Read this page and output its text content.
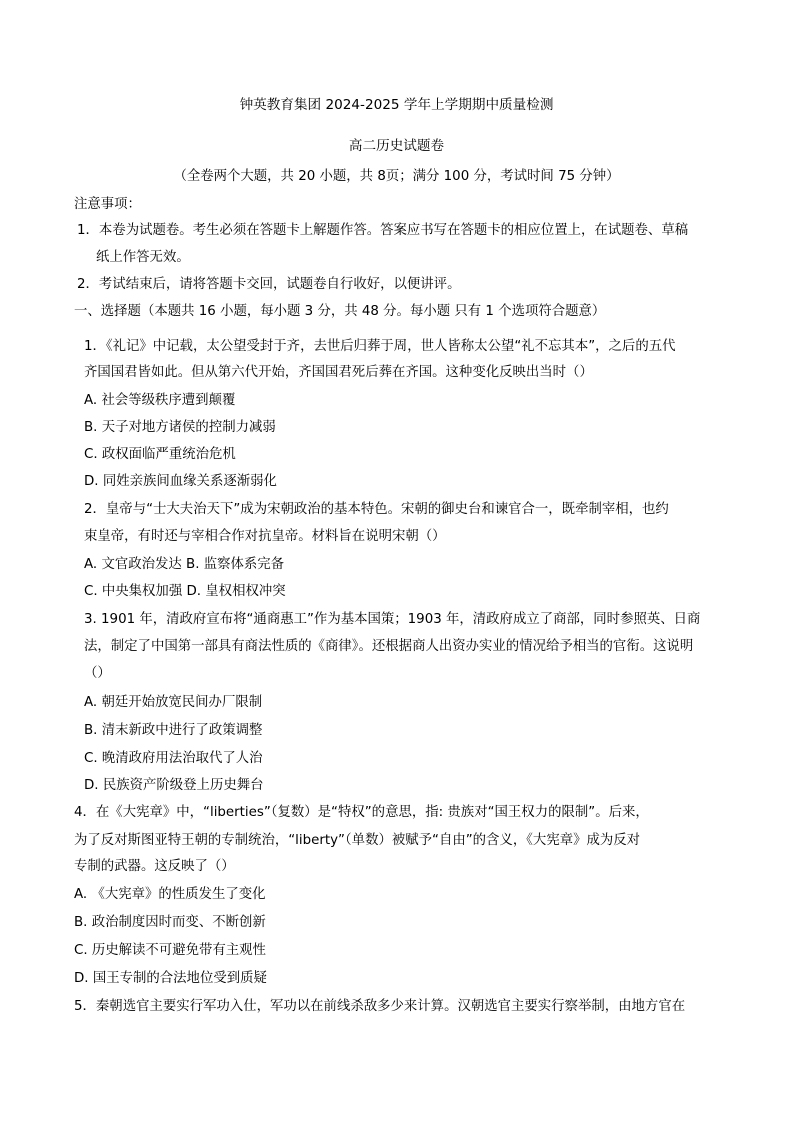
钟英教育集团 2024-2025 学年上学期期中质量检测
高二历史试题卷
（全卷两个大题，共 20 小题，共 8页；满分 100 分，考试时间 75 分钟）
注意事项：
1．本卷为试题卷。考生必须在答题卡上解题作答。答案应书写在答题卡的相应位置上，在试题卷、草稿
纸上作答无效。
2．考试结束后，请将答题卡交回，试题卷自行收好，以便讲评。
一、选择题（本题共 16 小题，每小题 3 分，共 48 分。每小题 只有 1 个选项符合题意）
1．《礼记》中记载，太公望受封于齐，去世后归葬于周，世人皆称太公望“礼不忘其本”，之后的五代
齐国国君皆如此。但从第六代开始，齐国国君死后葬在齐国。这种变化反映出当时（）
A. 社会等级秩序遭到颠覆
B. 天子对地方诸侯的控制力减弱
C. 政权面临严重统治危机
D. 同姓亲族间血缘关系逐渐弱化
2．皇帝与“士大夫治天下”成为宋朝政治的基本特色。宋朝的御史台和谏官合一，既牵制宰相，也约
束皇帝，有时还与宰相合作对抗皇帝。材料旨在说明宋朝（）
A. 文官政治发达 B. 监察体系完备
C. 中央集权加强 D. 皇权相权冲突
3. 1901 年，清政府宣布将“通商惠工”作为基本国策；1903 年，清政府成立了商部，同时参照英、日商
法，制定了中国第一部具有商法性质的《商律》。还根据商人出资办实业的情况给予相当的官衔。这说明
（）
A. 朝廷开始放宽民间办厂限制
B. 清末新政中进行了政策调整
C. 晚清政府用法治取代了人治
D. 民族资产阶级登上历史舞台
4．在《大宪章》中，“liberties”（复数）是“特权”的意思，指: 贵族对“国王权力的限制”。后来，
为了反对斯图亚特王朝的专制统治，“liberty”（单数）被赋予“自由”的含义，《大宪章》成为反对
专制的武器。这反映了（）
A. 《大宪章》的性质发生了变化
B. 政治制度因时而变、不断创新
C. 历史解读不可避免带有主观性
D. 国王专制的合法地位受到质疑
5．秦朝选官主要实行军功入仕，军功以在前线杀敌多少来计算。汉朝选官主要实行察举制，由地方官在
